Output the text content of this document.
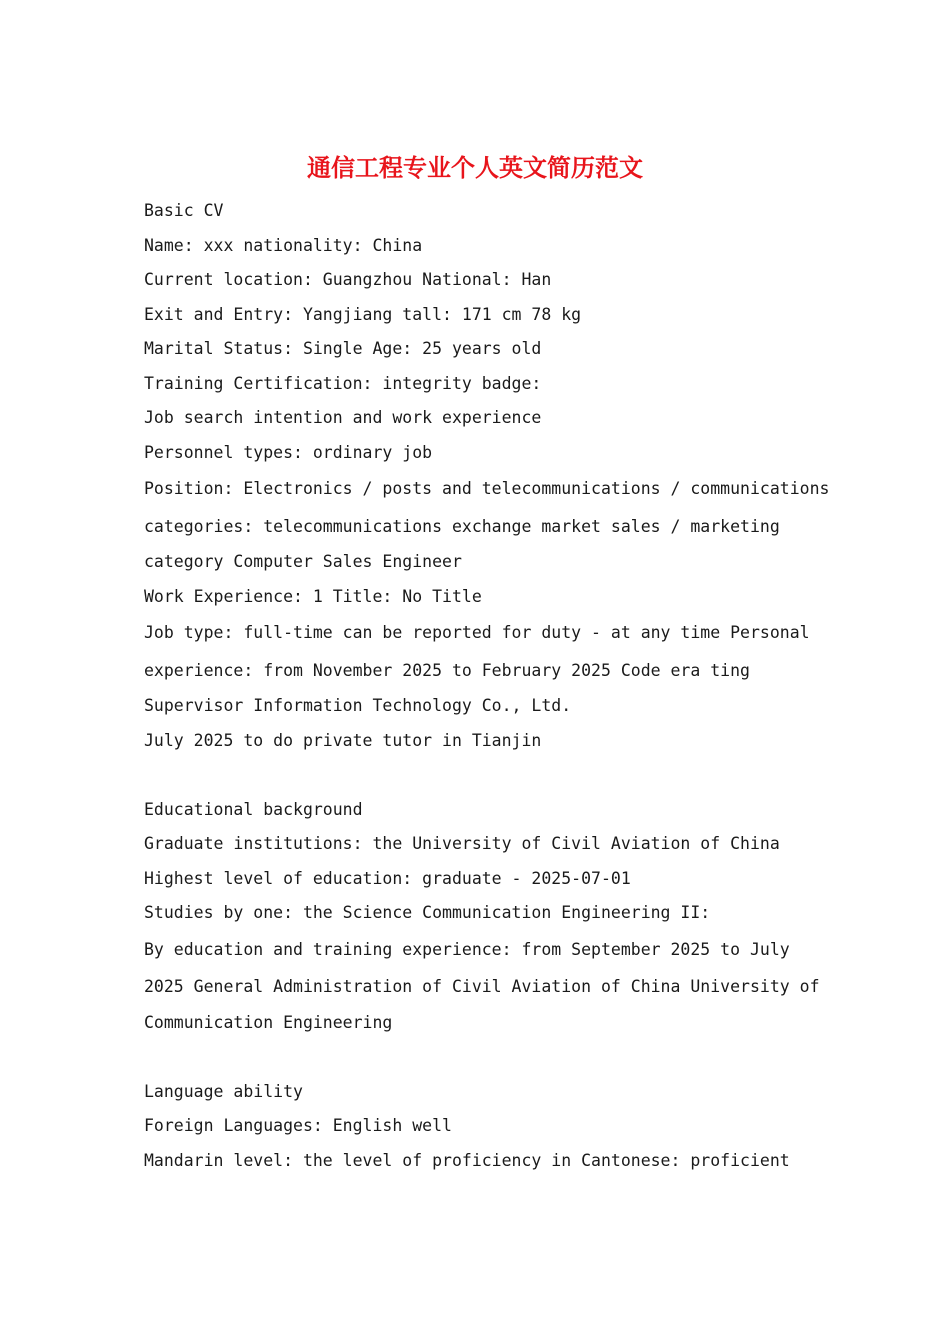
通信工程专业个人英文简历范文
Basic CV
Name: xxx nationality: China
Current location: Guangzhou National: Han
Exit and Entry: Yangjiang tall: 171 cm 78 kg
Marital Status: Single Age: 25 years old
Training Certification: integrity badge:
Job search intention and work experience
Personnel types: ordinary job
Position: Electronics / posts and telecommunications / communications
categories: telecommunications exchange market sales / marketing
category Computer Sales Engineer
Work Experience: 1 Title: No Title
Job type: full-time can be reported for duty - at any time Personal
experience: from November 2025 to February 2025 Code era ting
Supervisor Information Technology Co., Ltd.
July 2025 to do private tutor in Tianjin
Educational background
Graduate institutions: the University of Civil Aviation of China
Highest level of education: graduate - 2025-07-01
Studies by one: the Science Communication Engineering II:
By education and training experience: from September 2025 to July
2025 General Administration of Civil Aviation of China University of
Communication Engineering
Language ability
Foreign Languages: English well
Mandarin level: the level of proficiency in Cantonese: proficient
